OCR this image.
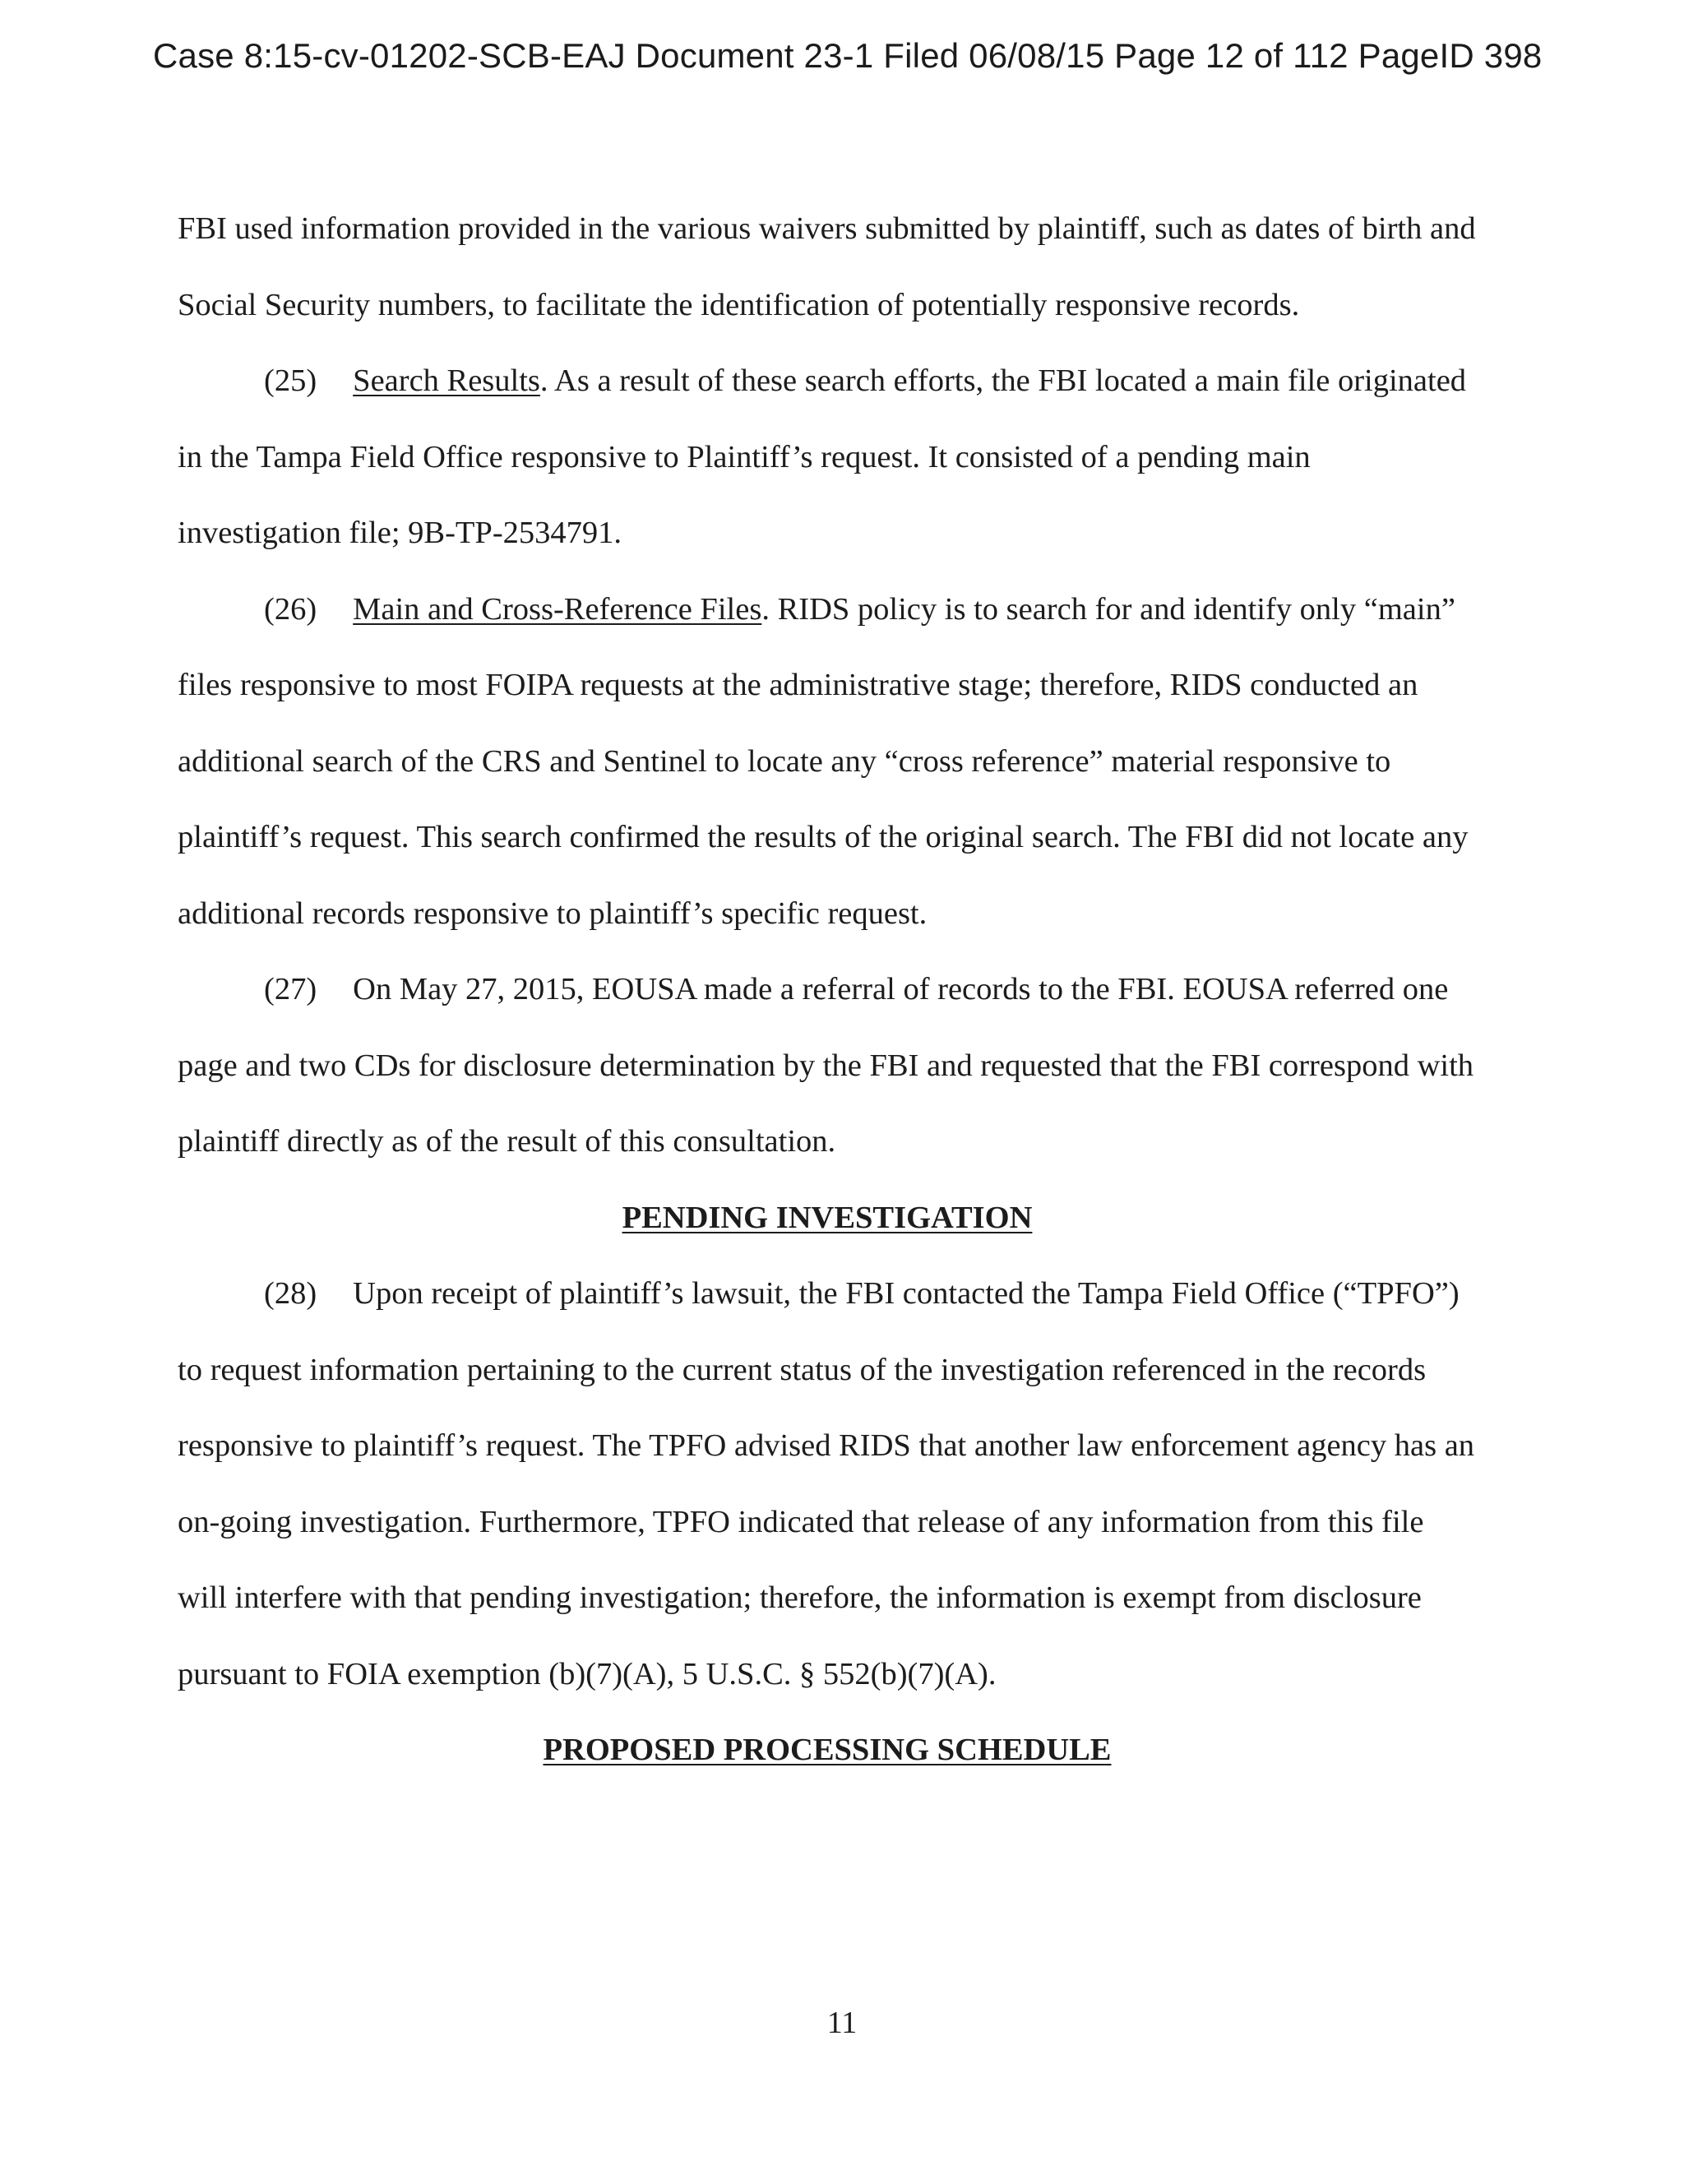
Case 8:15-cv-01202-SCB-EAJ Document 23-1 Filed 06/08/15 Page 12 of 112 PageID 398

FBI used information provided in the various waivers submitted by plaintiff, such as dates of birth and Social Security numbers, to facilitate the identification of potentially responsive records.

(25) Search Results. As a result of these search efforts, the FBI located a main file originated in the Tampa Field Office responsive to Plaintiff’s request. It consisted of a pending main investigation file; 9B-TP-2534791.

(26) Main and Cross-Reference Files. RIDS policy is to search for and identify only “main” files responsive to most FOIPA requests at the administrative stage; therefore, RIDS conducted an additional search of the CRS and Sentinel to locate any “cross reference” material responsive to plaintiff’s request. This search confirmed the results of the original search. The FBI did not locate any additional records responsive to plaintiff’s specific request.

(27) On May 27, 2015, EOUSA made a referral of records to the FBI. EOUSA referred one page and two CDs for disclosure determination by the FBI and requested that the FBI correspond with plaintiff directly as of the result of this consultation.

PENDING INVESTIGATION

(28) Upon receipt of plaintiff’s lawsuit, the FBI contacted the Tampa Field Office (“TPFO”) to request information pertaining to the current status of the investigation referenced in the records responsive to plaintiff’s request. The TPFO advised RIDS that another law enforcement agency has an on-going investigation. Furthermore, TPFO indicated that release of any information from this file will interfere with that pending investigation; therefore, the information is exempt from disclosure pursuant to FOIA exemption (b)(7)(A), 5 U.S.C. § 552(b)(7)(A).

PROPOSED PROCESSING SCHEDULE

11
